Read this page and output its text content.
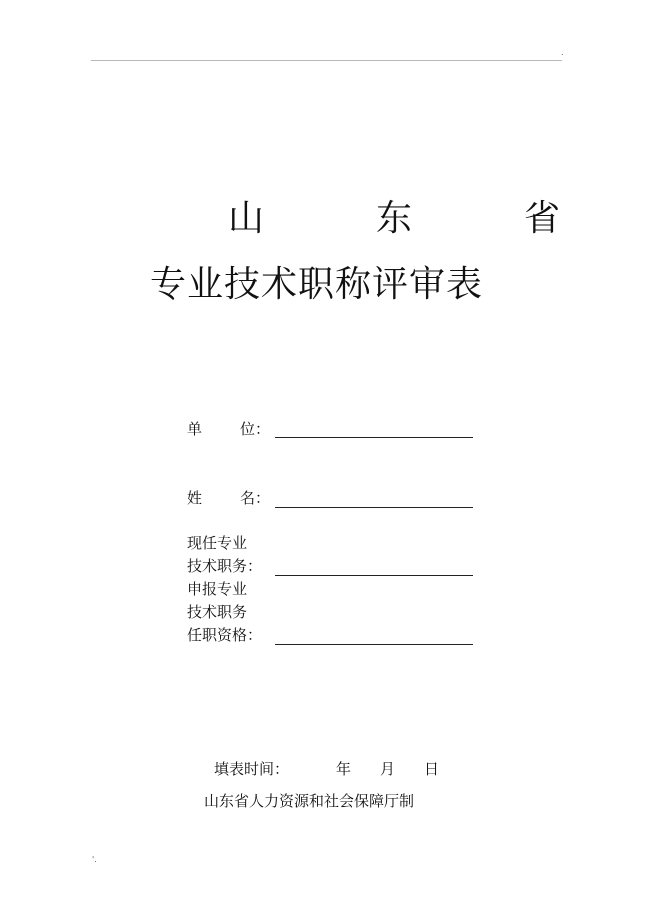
.
山　东　省
专业技术职称评审表
单	位：
姓	名：
现任专业
技术职务：
申报专业
技术职务
任职资格：
填表时间：	年 月 日
山东省人力资源和社会保障厅制
'.
